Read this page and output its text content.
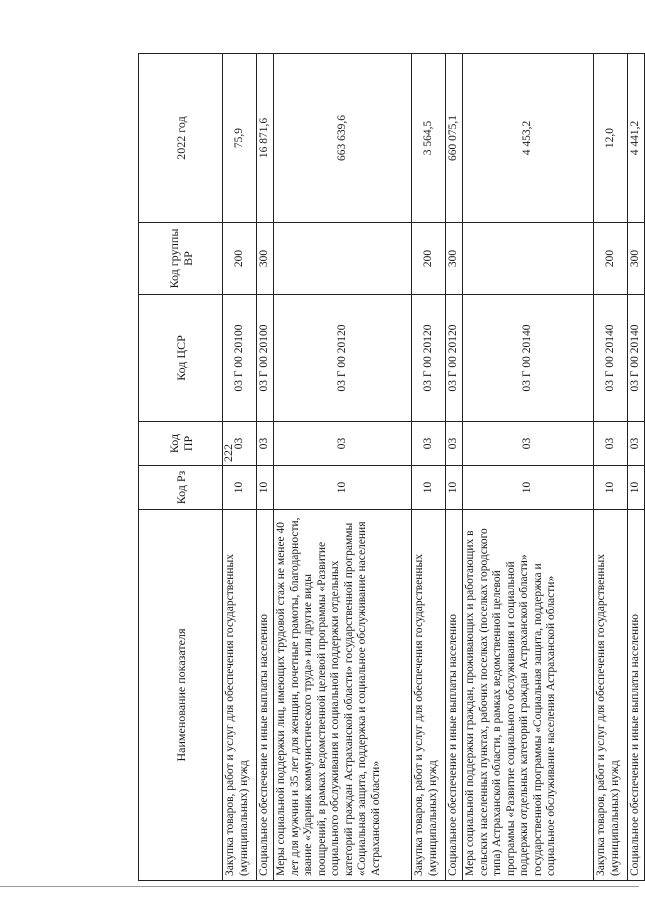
222
Наименование показателя	Код Рз	Код ПР	Код ЦСР	Код группы ВР	2022 год
Закупка товаров, работ и услуг для обеспечения государственных (муниципальных) нужд	10	03	03 Г 00 20100	200	75,9
Социальное обеспечение и иные выплаты населению	10	03	03 Г 00 20100	300	16 871,6
Меры социальной поддержки лиц, имеющих трудовой стаж не менее 40 лет для мужчин и 35 лет для женщин, почетные грамоты, благодарности, звание «Ударник коммунистического труда» или другие виды поощрений, в рамках ведомственной целевой программы «Развитие социального обслуживания и социальной поддержки отдельных категорий граждан Астраханской области» государственной программы «Социальная защита, поддержка и социальное обслуживание населения Астраханской области»	10	03	03 Г 00 20120		663 639,6
Закупка товаров, работ и услуг для обеспечения государственных (муниципальных) нужд	10	03	03 Г 00 20120	200	3 564,5
Социальное обеспечение и иные выплаты населению	10	03	03 Г 00 20120	300	660 075,1
Мера социальной поддержки граждан, проживающих и работающих в сельских населенных пунктах, рабочих поселках (поселках городского типа) Астраханской области, в рамках ведомственной целевой программы «Развитие социального обслуживания и социальной поддержки отдельных категорий граждан Астраханской области» государственной программы «Социальная защита, поддержка и социальное обслуживание населения Астраханской области»	10	03	03 Г 00 20140		4 453,2
Закупка товаров, работ и услуг для обеспечения государственных (муниципальных) нужд	10	03	03 Г 00 20140	200	12,0
Социальное обеспечение и иные выплаты населению	10	03	03 Г 00 20140	300	4 441,2
